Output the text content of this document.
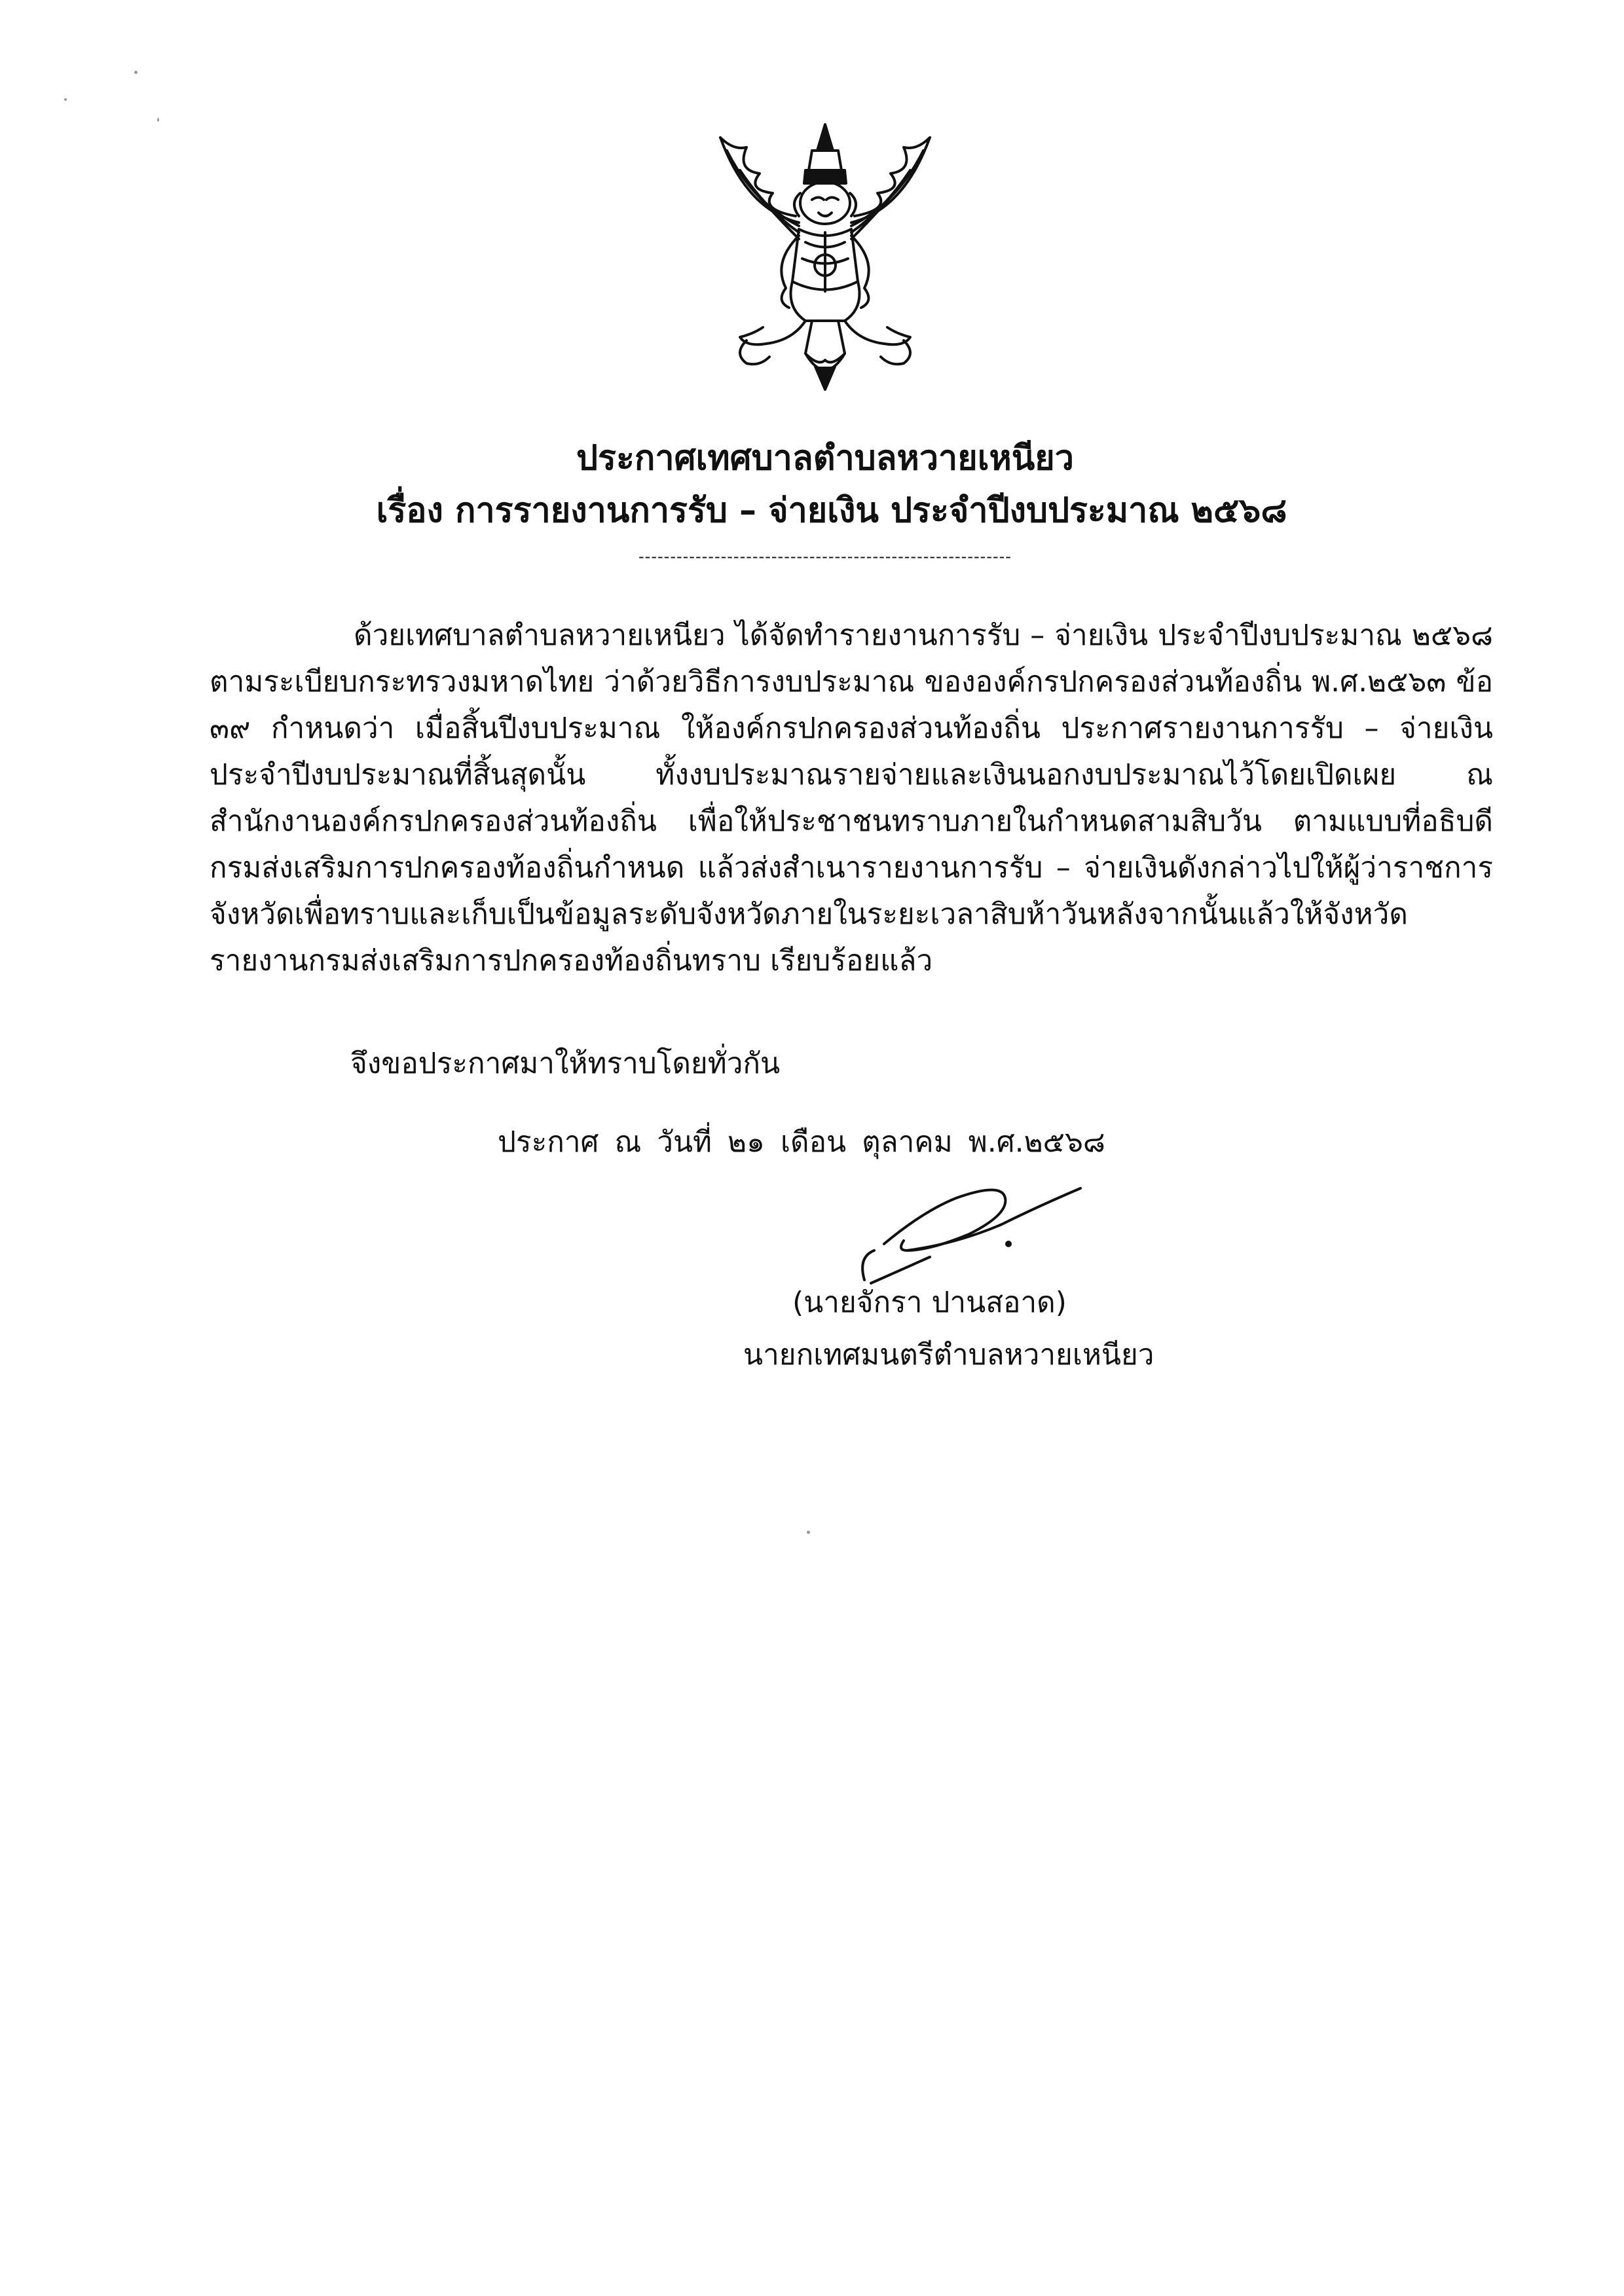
ประกาศเทศบาลตำบลหวายเหนียว
เรื่อง การรายงานการรับ – จ่ายเงิน ประจำปีงบประมาณ ๒๕๖๘
-----------------------------------------------------------

ด้วยเทศบาลตำบลหวายเหนียว ได้จัดทำรายงานการรับ – จ่ายเงิน ประจำปีงบประมาณ ๒๕๖๘ ตามระเบียบกระทรวงมหาดไทย ว่าด้วยวิธีการงบประมาณ ขององค์กรปกครองส่วนท้องถิ่น พ.ศ.๒๕๖๓ ข้อ ๓๙ กำหนดว่า เมื่อสิ้นปีงบประมาณ ให้องค์กรปกครองส่วนท้องถิ่น ประกาศรายงานการรับ – จ่ายเงิน ประจำปีงบประมาณที่สิ้นสุดนั้น ทั้งงบประมาณรายจ่ายและเงินนอกงบประมาณไว้โดยเปิดเผย ณ สำนักงานองค์กรปกครองส่วนท้องถิ่น เพื่อให้ประชาชนทราบภายในกำหนดสามสิบวัน ตามแบบที่อธิบดีกรมส่งเสริมการปกครองท้องถิ่นกำหนด แล้วส่งสำเนารายงานการรับ – จ่ายเงินดังกล่าวไปให้ผู้ว่าราชการจังหวัดเพื่อทราบและเก็บเป็นข้อมูลระดับจังหวัดภายในระยะเวลาสิบห้าวันหลังจากนั้นแล้วให้จังหวัดรายงานกรมส่งเสริมการปกครองท้องถิ่นทราบ เรียบร้อยแล้ว

จึงขอประกาศมาให้ทราบโดยทั่วกัน
ประกาศ ณ วันที่ ๒๑ เดือน ตุลาคม พ.ศ.๒๕๖๘
(นายจักรา ปานสอาด)
นายกเทศมนตรีตำบลหวายเหนียว
